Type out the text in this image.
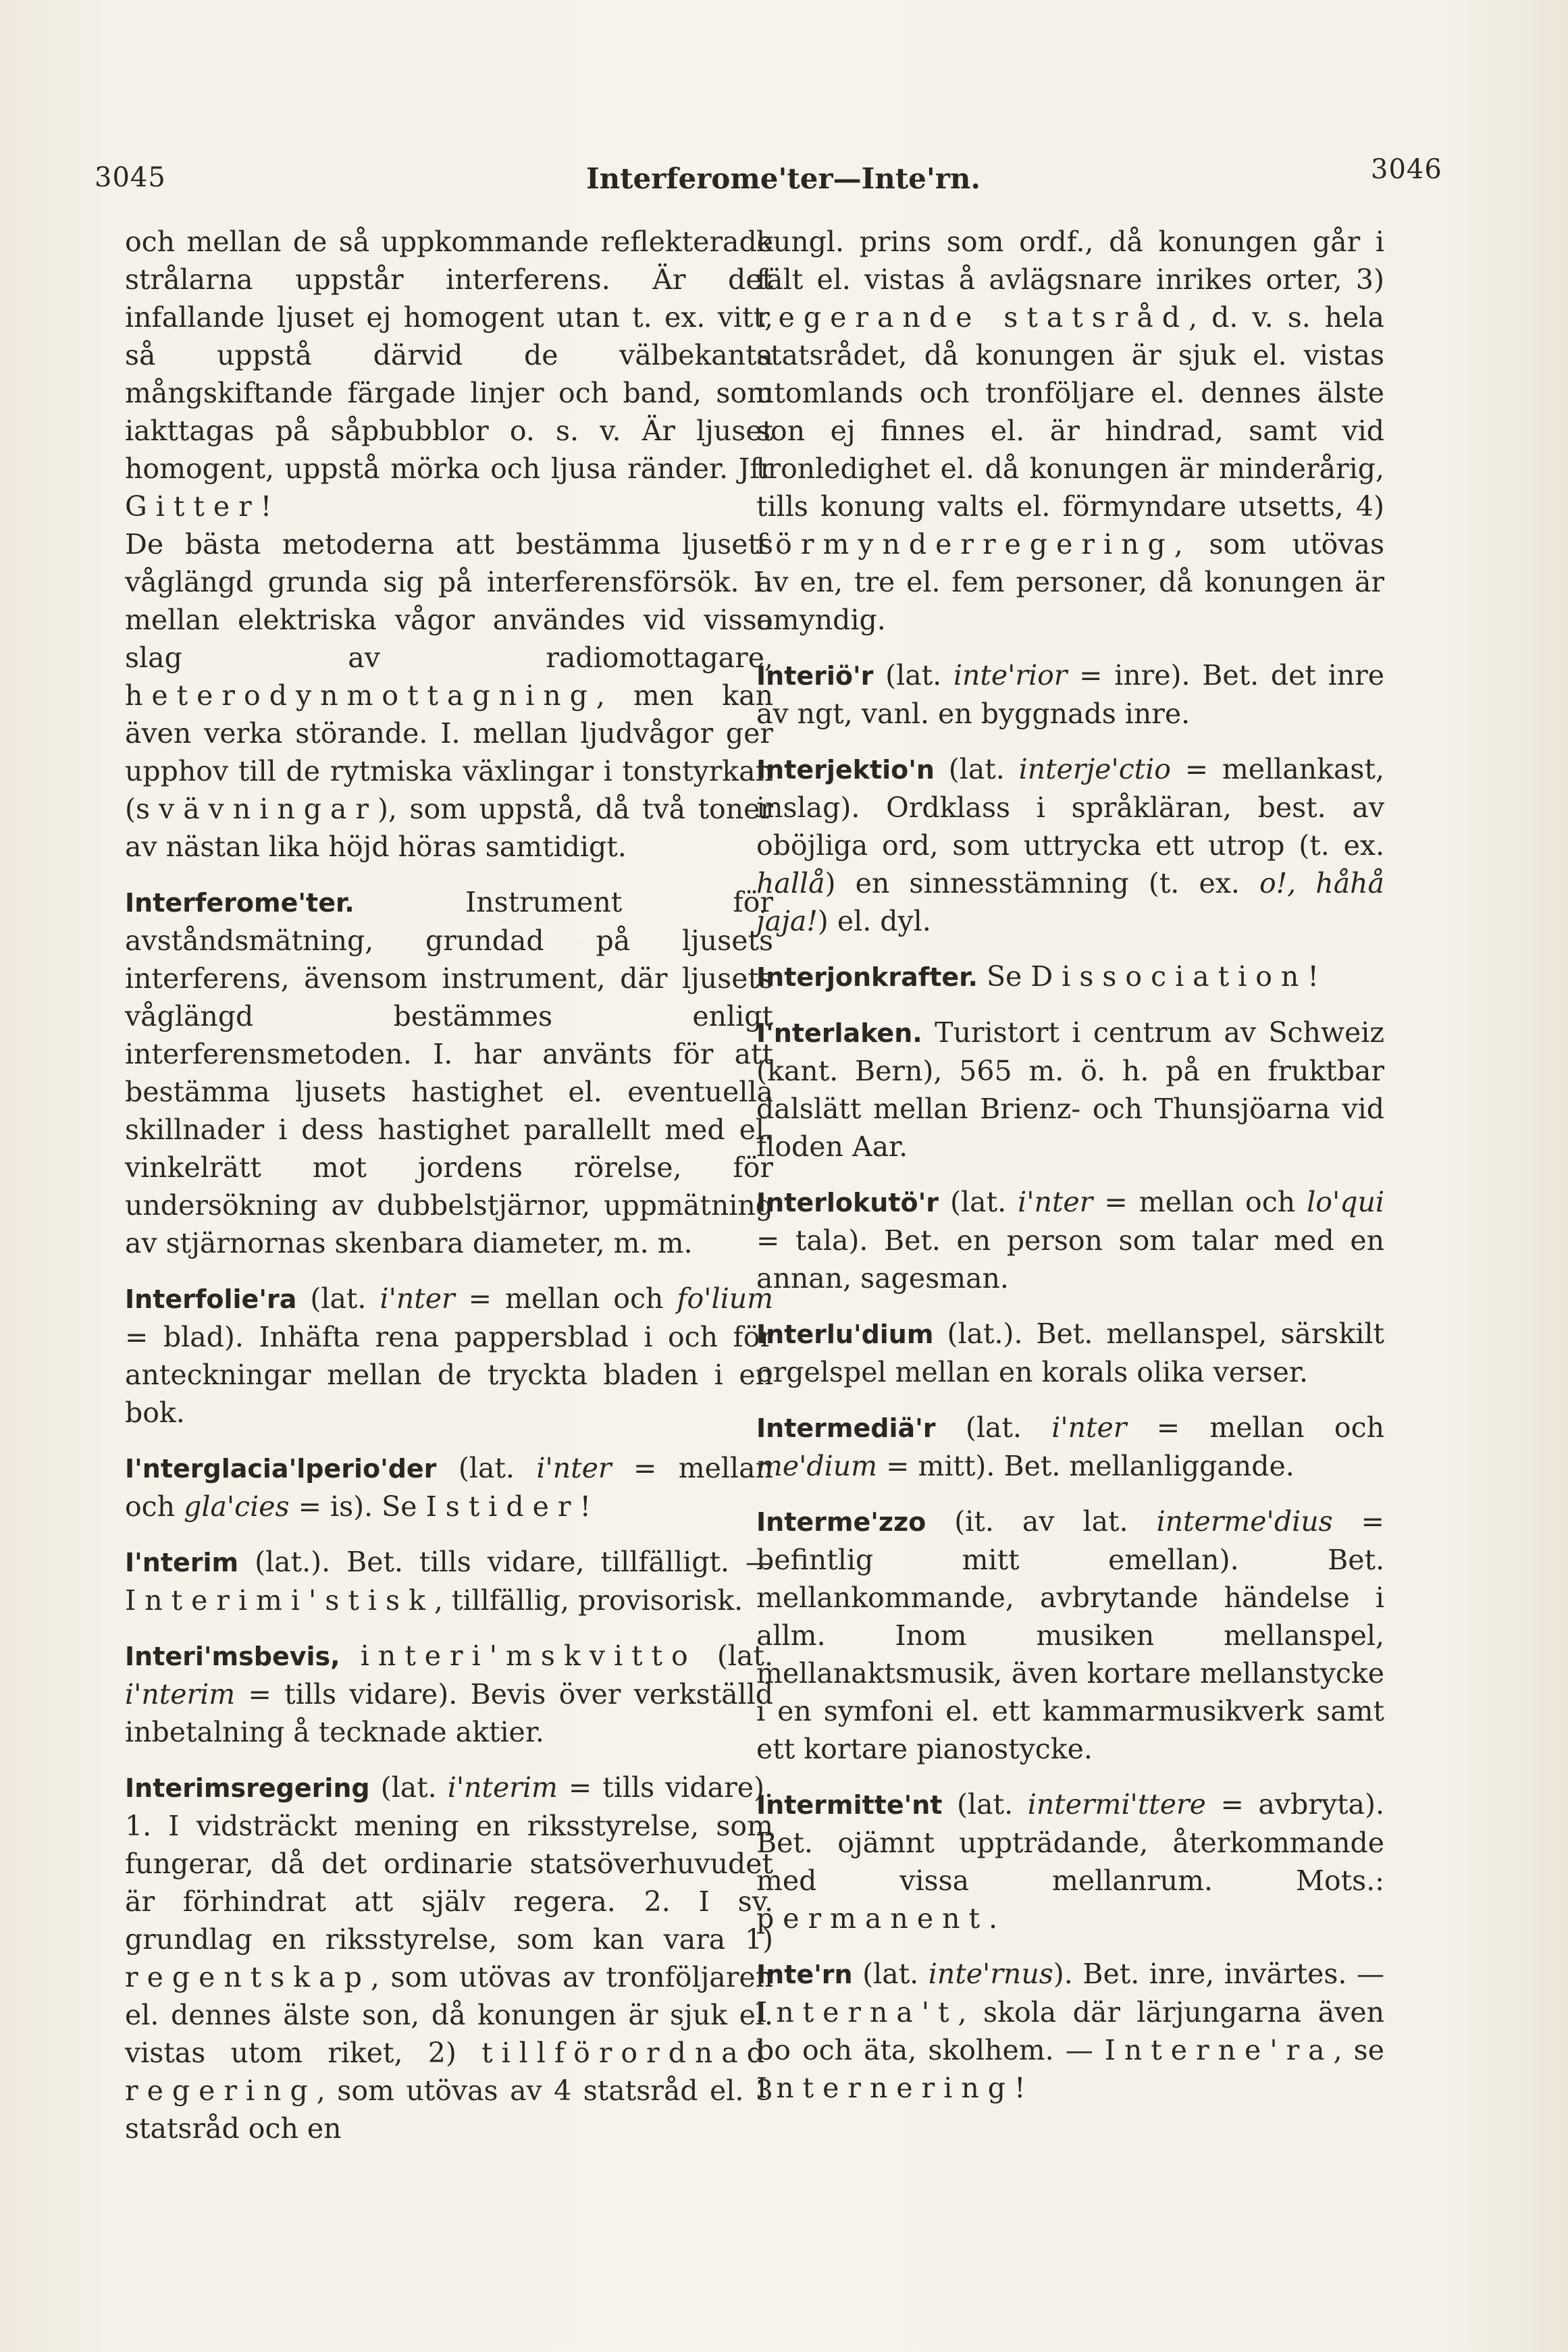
3045	Interferome'ter—Inte'rn.	3046

och mellan de så uppkommande reflekterade strålarna uppstår interferens. Är det infallande ljuset ej homogent utan t. ex. vitt, så uppstå därvid de välbekanta mångskiftande färgade linjer och band, som iakttagas på såpbubblor o. s. v. Är ljuset homogent, uppstå mörka och ljusa ränder. Jfr Gitter!

De bästa metoderna att bestämma ljusets våglängd grunda sig på interferensförsök. I. mellan elektriska vågor användes vid vissa slag av radiomottagare, heterodynmottagning, men kan även verka störande. I. mellan ljudvågor ger upphov till de rytmiska växlingar i tonstyrkan (svävningar), som uppstå, då två toner av nästan lika höjd höras samtidigt.

Interferome'ter. Instrument för avståndsmätning, grundad på ljusets interferens, ävensom instrument, där ljusets våglängd bestämmes enligt interferensmetoden. I. har använts för att bestämma ljusets hastighet el. eventuella skillnader i dess hastighet parallellt med el. vinkelrätt mot jordens rörelse, för undersökning av dubbelstjärnor, uppmätning av stjärnornas skenbara diameter, m. m.
Interfolie'ra (lat. i'nter = mellan och fo'lium = blad). Inhäfta rena pappersblad i och för anteckningar mellan de tryckta bladen i en bok.
I'nterglacia'lperio'der (lat. i'nter = mellan och gla'cies = is). Se Istider!
I'nterim (lat.). Bet. tills vidare, tillfälligt. — Interimi'stisk, tillfällig, provisorisk.
Interi'msbevis, interi'mskvitto (lat. i'nterim = tills vidare). Bevis över verkställd inbetalning å tecknade aktier.
Interimsregering (lat. i'nterim = tills vidare). 1. I vidsträckt mening en riksstyrelse, som fungerar, då det ordinarie statsöverhuvudet är förhindrat att själv regera. 2. I sv. grundlag en riksstyrelse, som kan vara 1) regentskap, som utövas av tronföljaren el. dennes älste son, då konungen är sjuk el. vistas utom riket, 2) tillförordnad regering, som utövas av 4 statsråd el. 3 statsråd och en
kungl. prins som ordf., då konungen går i fält el. vistas å avlägsnare inrikes orter, 3) regerande statsråd, d. v. s. hela statsrådet, då konungen är sjuk el. vistas utomlands och tronföljare el. dennes älste son ej finnes el. är hindrad, samt vid tronledighet el. då konungen är minderårig, tills konung valts el. förmyndare utsetts, 4) förmynderregering, som utövas av en, tre el. fem personer, då konungen är omyndig.
Interiö'r (lat. inte'rior = inre). Bet. det inre av ngt, vanl. en byggnads inre.
Interjektio'n (lat. interje'ctio = mellankast, inslag). Ordklass i språkläran, best. av oböjliga ord, som uttrycka ett utrop (t. ex. hallå) en sinnesstämning (t. ex. o!, håhå jaja!) el. dyl.
Interjonkrafter. Se Dissociation!
I'nterlaken. Turistort i centrum av Schweiz (kant. Bern), 565 m. ö. h. på en fruktbar dalslätt mellan Brienz- och Thunsjöarna vid floden Aar.
Interlokutö'r (lat. i'nter = mellan och lo'qui = tala). Bet. en person som talar med en annan, sagesman.
Interlu'dium (lat.). Bet. mellanspel, särskilt orgelspel mellan en korals olika verser.
Intermediä'r (lat. i'nter = mellan och me'dium = mitt). Bet. mellanliggande.
Interme'zzo (it. av lat. interme'dius = befintlig mitt emellan). Bet. mellankommande, avbrytande händelse i allm. Inom musiken mellanspel, mellanaktsmusik, även kortare mellanstycke i en symfoni el. ett kammarmusikverk samt ett kortare pianostycke.
Intermitte'nt (lat. intermi'ttere = avbryta). Bet. ojämnt uppträdande, återkommande med vissa mellanrum. Mots.: permanent.
Inte'rn (lat. inte'rnus). Bet. inre, invärtes. — Interna't, skola där lärjungarna även bo och äta, skolhem. — Interne'ra, se Internering!
